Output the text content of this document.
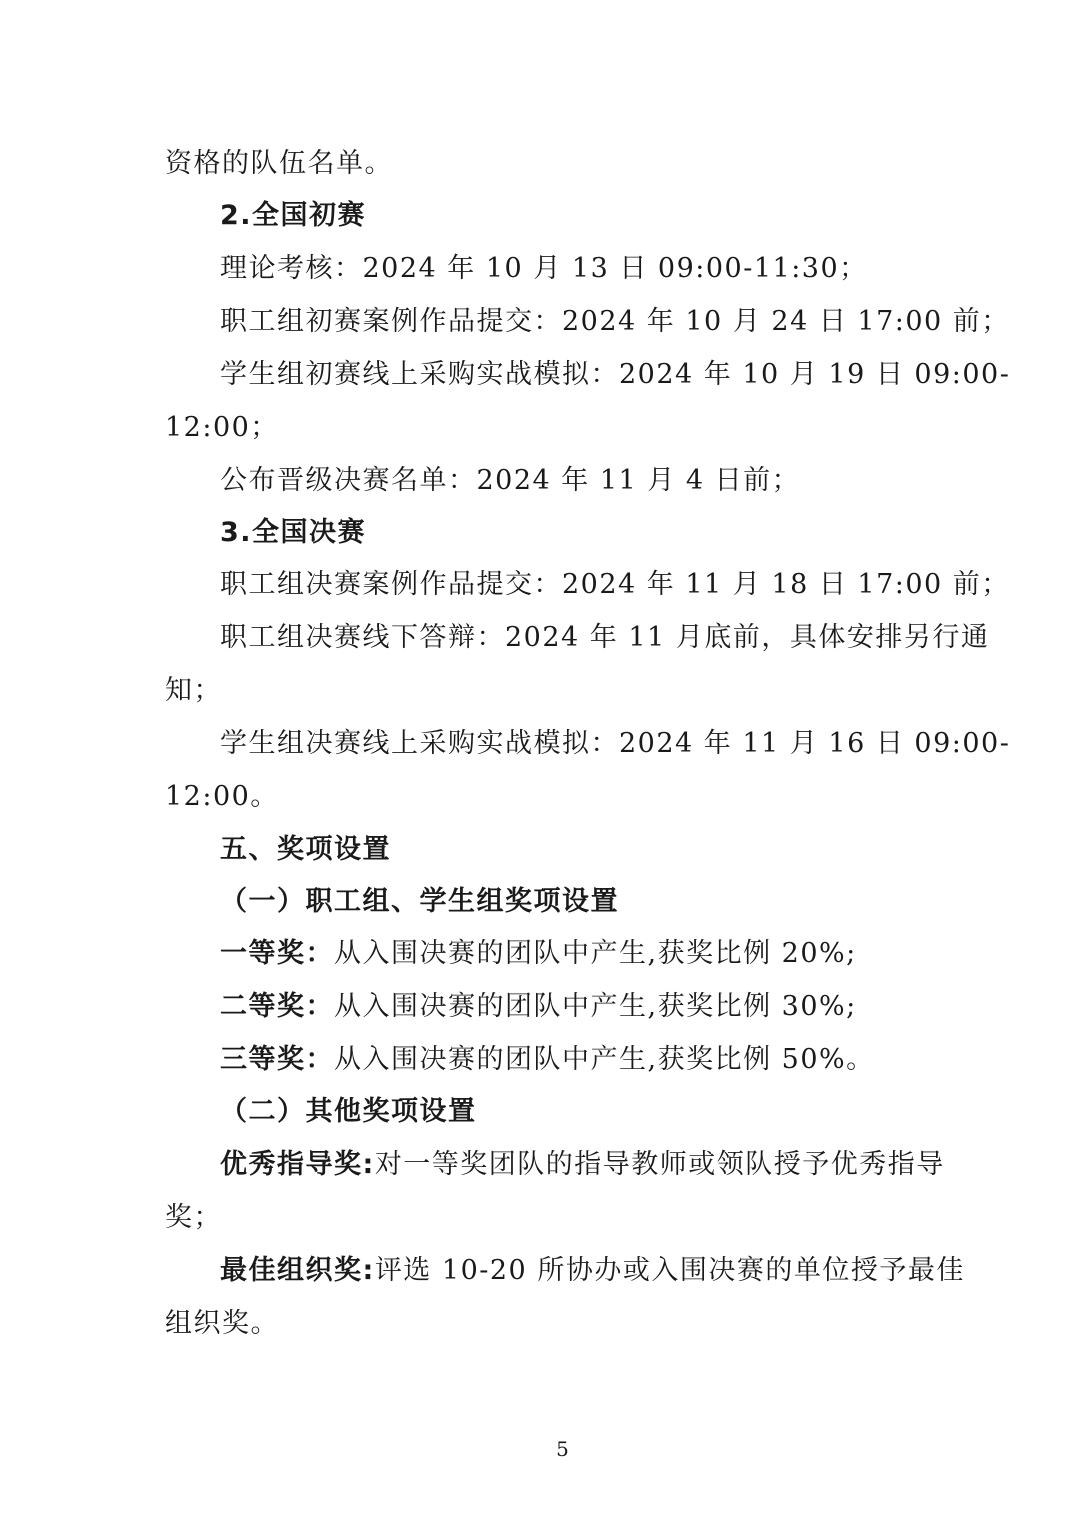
资格的队伍名单。
2.全国初赛
理论考核：2024 年 10 月 13 日 09:00-11:30；
职工组初赛案例作品提交：2024 年 10 月 24 日 17:00 前；
学生组初赛线上采购实战模拟：2024 年 10 月 19 日 09:00-
12:00；
公布晋级决赛名单：2024 年 11 月 4 日前；
3.全国决赛
职工组决赛案例作品提交：2024 年 11 月 18 日 17:00 前；
职工组决赛线下答辩：2024 年 11 月底前，具体安排另行通
知；
学生组决赛线上采购实战模拟：2024 年 11 月 16 日 09:00-
12:00。
五、奖项设置
（一）职工组、学生组奖项设置
一等奖：从入围决赛的团队中产生,获奖比例 20%;
二等奖：从入围决赛的团队中产生,获奖比例 30%;
三等奖：从入围决赛的团队中产生,获奖比例 50%。
（二）其他奖项设置
优秀指导奖:对一等奖团队的指导教师或领队授予优秀指导
奖；
最佳组织奖:评选 10-20 所协办或入围决赛的单位授予最佳
组织奖。
5
